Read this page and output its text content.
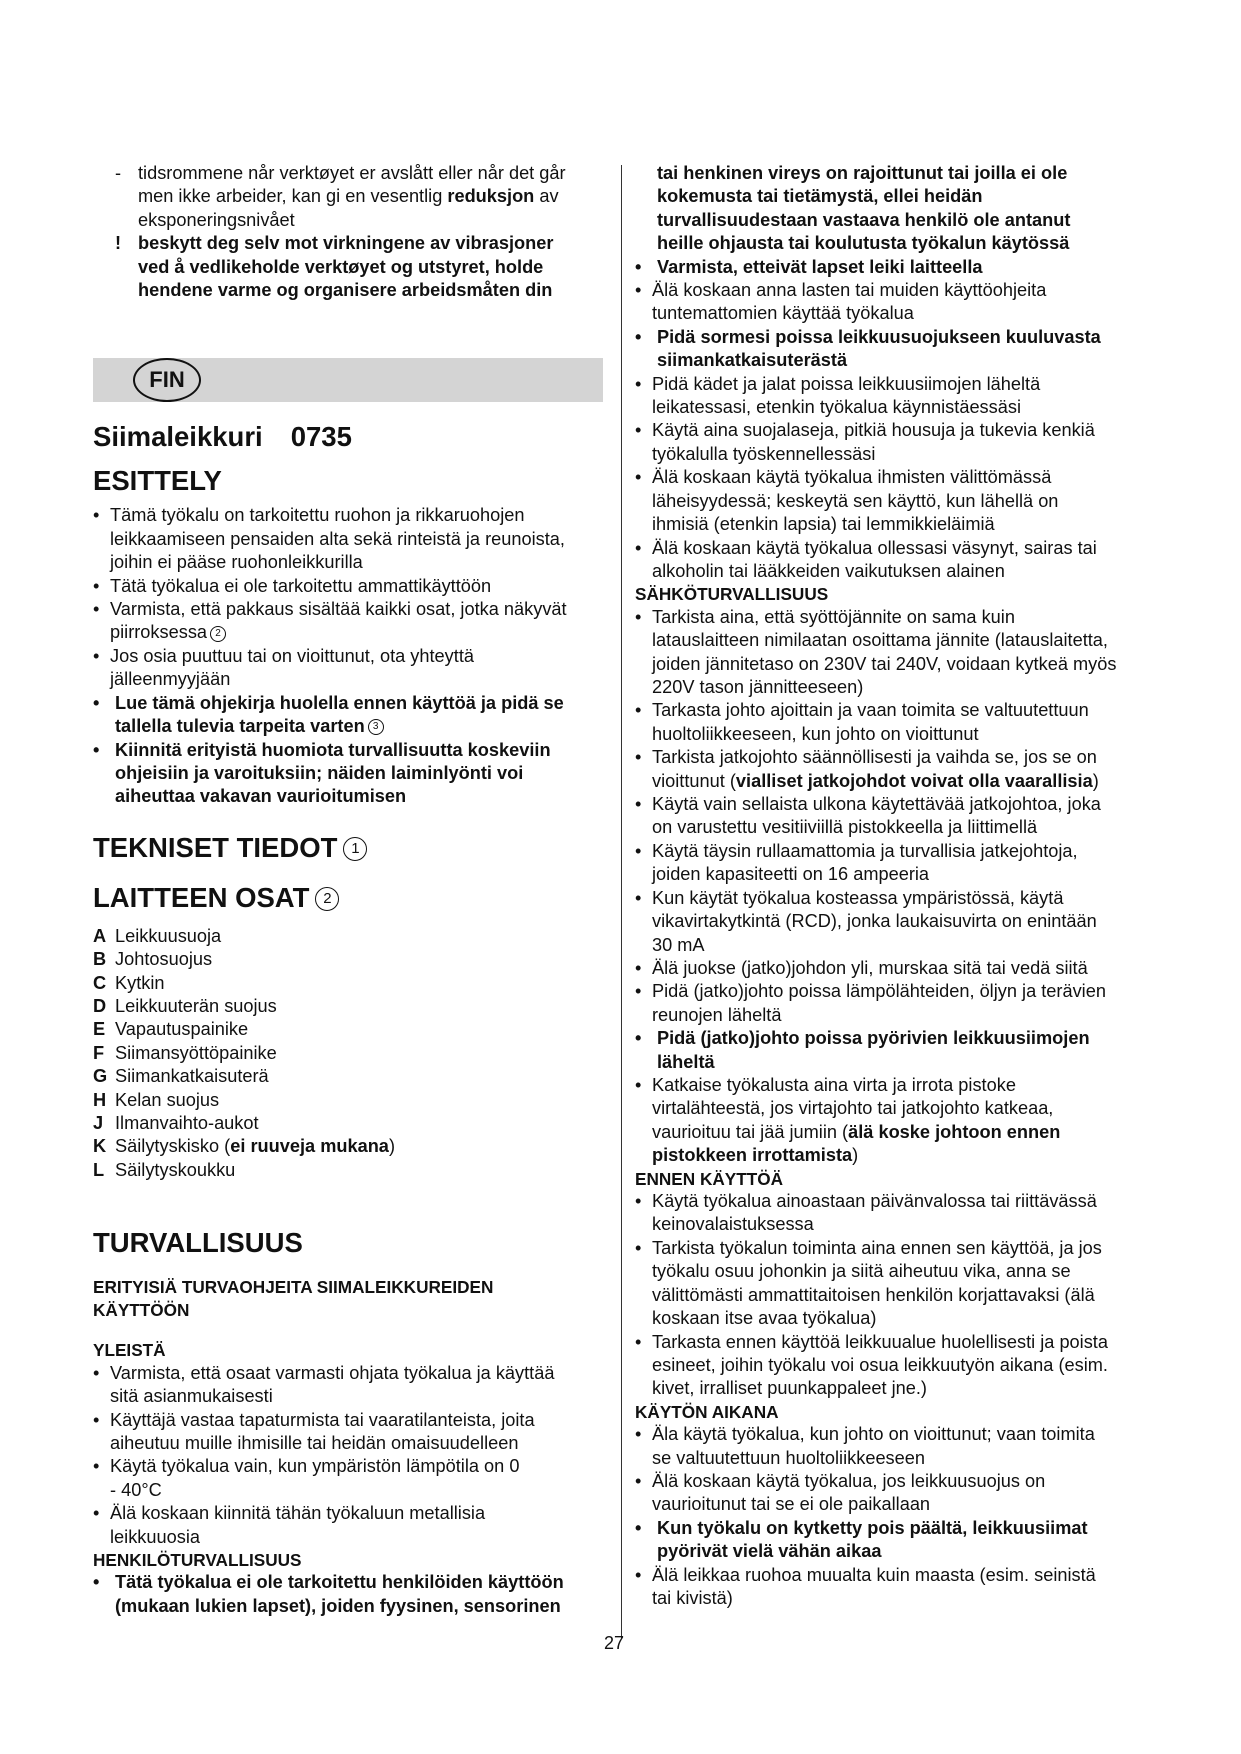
- tidsrommene når verktøyet er avslått eller når det går
men ikke arbeider, kan gi en vesentlig reduksjon av
eksponeringsnivået
! beskytt deg selv mot virkningene av vibrasjoner
ved å vedlikeholde verktøyet og utstyret, holde
hendene varme og organisere arbeidsmåten din
FIN
Siimaleikkuri 0735
ESITTELY
• Tämä työkalu on tarkoitettu ruohon ja rikkaruohojen
leikkaamiseen pensaiden alta sekä rinteistä ja reunoista,
joihin ei pääse ruohonleikkurilla
• Tätä työkalua ei ole tarkoitettu ammattikäyttöön
• Varmista, että pakkaus sisältää kaikki osat, jotka näkyvät
piirroksessa 2
• Jos osia puuttuu tai on vioittunut, ota yhteyttä
jälleenmyyjään
• Lue tämä ohjekirja huolella ennen käyttöä ja pidä se
tallella tulevia tarpeita varten 3
• Kiinnitä erityistä huomiota turvallisuutta koskeviin
ohjeisiin ja varoituksiin; näiden laiminlyönti voi
aiheuttaa vakavan vaurioitumisen
TEKNISET TIEDOT 1
LAITTEEN OSAT 2
A Leikkuusuoja
B Johtosuojus
C Kytkin
D Leikkuuterän suojus
E Vapautuspainike
F Siimansyöttöpainike
G Siimankatkaisuterä
H Kelan suojus
J Ilmanvaihto-aukot
K Säilytyskisko (ei ruuveja mukana)
L Säilytyskoukku
TURVALLISUUS
ERITYISIÄ TURVAOHJEITA SIIMALEIKKUREIDEN
KÄYTTÖÖN
YLEISTÄ
• Varmista, että osaat varmasti ohjata työkalua ja käyttää
sitä asianmukaisesti
• Käyttäjä vastaa tapaturmista tai vaaratilanteista, joita
aiheutuu muille ihmisille tai heidän omaisuudelleen
• Käytä työkalua vain, kun ympäristön lämpötila on 0
- 40°C
• Älä koskaan kiinnitä tähän työkaluun metallisia
leikkuuosia
HENKILÖTURVALLISUUS
• Tätä työkalua ei ole tarkoitettu henkilöiden käyttöön
(mukaan lukien lapset), joiden fyysinen, sensorinen
tai henkinen vireys on rajoittunut tai joilla ei ole
kokemusta tai tietämystä, ellei heidän
turvallisuudestaan vastaava henkilö ole antanut
heille ohjausta tai koulutusta työkalun käytössä
• Varmista, etteivät lapset leiki laitteella
• Älä koskaan anna lasten tai muiden käyttöohjeita
tuntemattomien käyttää työkalua
• Pidä sormesi poissa leikkuusuojukseen kuuluvasta
siimankatkaisuterästä
• Pidä kädet ja jalat poissa leikkuusiimojen läheltä
leikatessasi, etenkin työkalua käynnistäessäsi
• Käytä aina suojalaseja, pitkiä housuja ja tukevia kenkiä
työkalulla työskennellessäsi
• Älä koskaan käytä työkalua ihmisten välittömässä
läheisyydessä; keskeytä sen käyttö, kun lähellä on
ihmisiä (etenkin lapsia) tai lemmikkieläimiä
• Älä koskaan käytä työkalua ollessasi väsynyt, sairas tai
alkoholin tai lääkkeiden vaikutuksen alainen
SÄHKÖTURVALLISUUS
• Tarkista aina, että syöttöjännite on sama kuin
latauslaitteen nimilaatan osoittama jännite (latauslaitetta,
joiden jännitetaso on 230V tai 240V, voidaan kytkeä myös
220V tason jännitteeseen)
• Tarkasta johto ajoittain ja vaan toimita se valtuutettuun
huoltoliikkeeseen, kun johto on vioittunut
• Tarkista jatkojohto säännöllisesti ja vaihda se, jos se on
vioittunut (vialliset jatkojohdot voivat olla vaarallisia)
• Käytä vain sellaista ulkona käytettävää jatkojohtoa, joka
on varustettu vesitiiviillä pistokkeella ja liittimellä
• Käytä täysin rullaamattomia ja turvallisia jatkejohtoja,
joiden kapasiteetti on 16 ampeeria
• Kun käytät työkalua kosteassa ympäristössä, käytä
vikavirtakytkintä (RCD), jonka laukaisuvirta on enintään
30 mA
• Älä juokse (jatko)johdon yli, murskaa sitä tai vedä siitä
• Pidä (jatko)johto poissa lämpölähteiden, öljyn ja terävien
reunojen läheltä
• Pidä (jatko)johto poissa pyörivien leikkuusiimojen
läheltä
• Katkaise työkalusta aina virta ja irrota pistoke
virtalähteestä, jos virtajohto tai jatkojohto katkeaa,
vaurioituu tai jää jumiin (älä koske johtoon ennen
pistokkeen irrottamista)
ENNEN KÄYTTÖÄ
• Käytä työkalua ainoastaan päivänvalossa tai riittävässä
keinovalaistuksessa
• Tarkista työkalun toiminta aina ennen sen käyttöä, ja jos
työkalu osuu johonkin ja siitä aiheutuu vika, anna se
välittömästi ammattitaitoisen henkilön korjattavaksi (älä
koskaan itse avaa työkalua)
• Tarkasta ennen käyttöä leikkuualue huolellisesti ja poista
esineet, joihin työkalu voi osua leikkuutyön aikana (esim.
kivet, irralliset puunkappaleet jne.)
KÄYTÖN AIKANA
• Äla käytä työkalua, kun johto on vioittunut; vaan toimita
se valtuutettuun huoltoliikkeeseen
• Älä koskaan käytä työkalua, jos leikkuusuojus on
vaurioitunut tai se ei ole paikallaan
• Kun työkalu on kytketty pois päältä, leikkuusiimat
pyörivät vielä vähän aikaa
• Älä leikkaa ruohoa muualta kuin maasta (esim. seinistä
tai kivistä)
27
